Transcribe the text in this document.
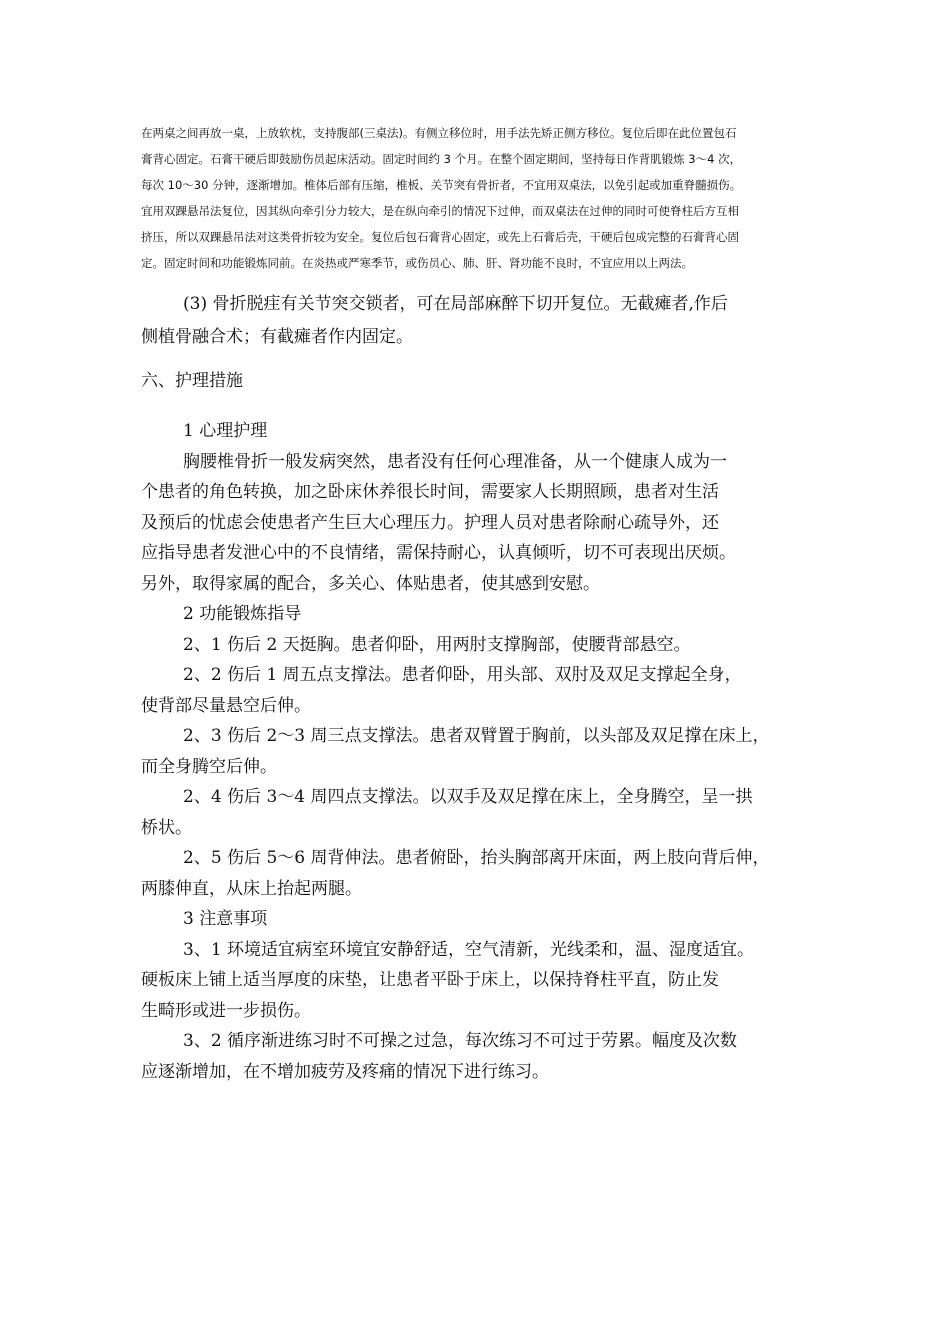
在两桌之间再放一桌，上放软枕，支持腹部(三桌法)。有侧立移位时，用手法先矫正侧方移位。复位后即在此位置包石

膏背心固定。石膏干硬后即鼓励伤员起床活动。固定时间约 3 个月。在整个固定期间，坚持每日作背肌锻炼 3～4 次，

每次 10～30 分钟，逐渐增加。椎体后部有压缩，椎板、关节突有骨折者，不宜用双桌法，以免引起或加重脊髓损伤。

宜用双踝悬吊法复位，因其纵向牵引分力较大，是在纵向牵引的情况下过伸，而双桌法在过伸的同时可使脊柱后方互相

挤压，所以双踝悬吊法对这类骨折较为安全。复位后包石膏背心固定，或先上石膏后壳，干硬后包成完整的石膏背心固

定。固定时间和功能锻炼同前。在炎热或严寒季节，或伤员心、肺、肝、肾功能不良时，不宜应用以上两法。

(3) 骨折脱疰有关节突交锁者，可在局部麻醉下切开复位。无截瘫者,作后

侧植骨融合术；有截瘫者作内固定。

六、护理措施

1 心理护理

胸腰椎骨折一般发病突然，患者没有任何心理准备，从一个健康人成为一

个患者的角色转换，加之卧床休养很长时间，需要家人长期照顾，患者对生活

及预后的忧虑会使患者产生巨大心理压力。护理人员对患者除耐心疏导外，还

应指导患者发泄心中的不良情绪，需保持耐心，认真倾听，切不可表现出厌烦。

另外，取得家属的配合，多关心、体贴患者，使其感到安慰。

2 功能锻炼指导

2、1 伤后 2 天挺胸。患者仰卧，用两肘支撑胸部，使腰背部悬空。

2、2 伤后 1 周五点支撑法。患者仰卧，用头部、双肘及双足支撑起全身，

使背部尽量悬空后伸。

2、3 伤后 2～3 周三点支撑法。患者双臂置于胸前，以头部及双足撑在床上，

而全身腾空后伸。

2、4 伤后 3～4 周四点支撑法。以双手及双足撑在床上，全身腾空，呈一拱

桥状。

2、5 伤后 5～6 周背伸法。患者俯卧，抬头胸部离开床面，两上肢向背后伸，

两膝伸直，从床上抬起两腿。

3 注意事项

3、1 环境适宜病室环境宜安静舒适，空气清新，光线柔和，温、湿度适宜。

硬板床上铺上适当厚度的床垫，让患者平卧于床上，以保持脊柱平直，防止发

生畸形或进一步损伤。

3、2 循序渐进练习时不可操之过急，每次练习不可过于劳累。幅度及次数

应逐渐增加，在不增加疲劳及疼痛的情况下进行练习。
